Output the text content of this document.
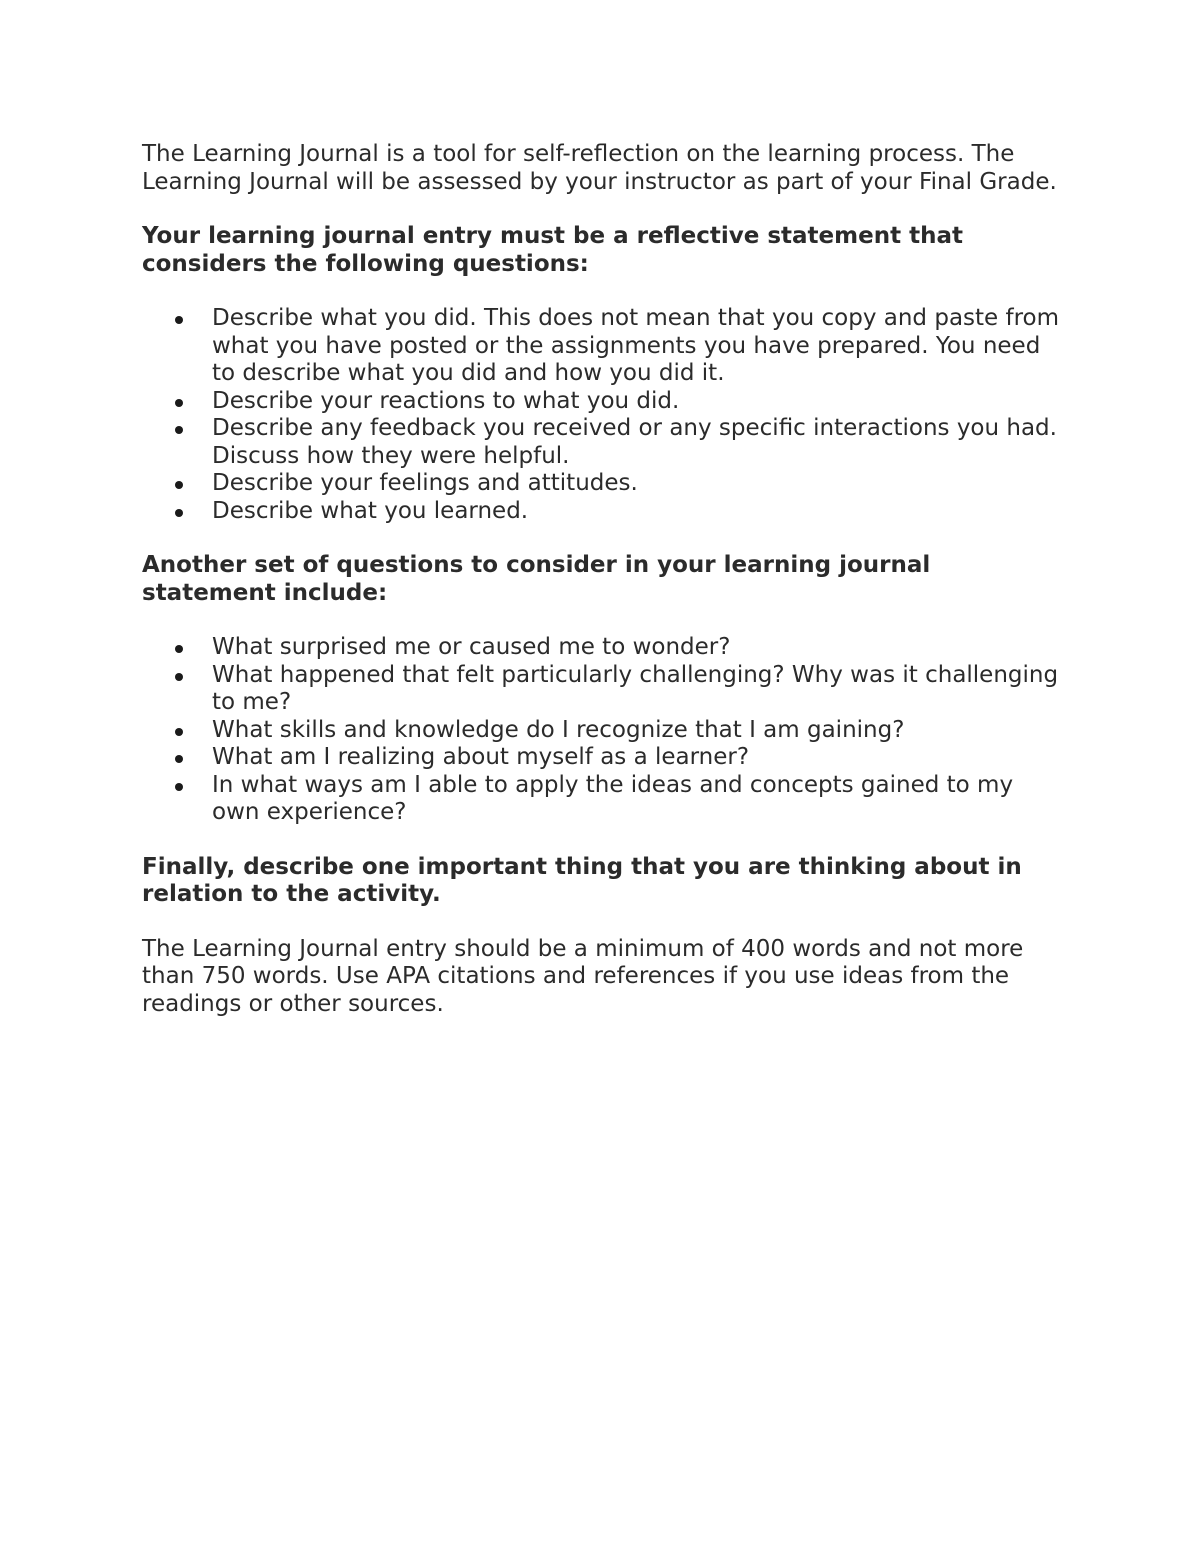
The Learning Journal is a tool for self-reflection on the learning process. The Learning Journal will be assessed by your instructor as part of your Final Grade.

Your learning journal entry must be a reflective statement that considers the following questions:

Describe what you did. This does not mean that you copy and paste from what you have posted or the assignments you have prepared. You need to describe what you did and how you did it.
Describe your reactions to what you did.
Describe any feedback you received or any specific interactions you had. Discuss how they were helpful.
Describe your feelings and attitudes.
Describe what you learned.

Another set of questions to consider in your learning journal statement include:

What surprised me or caused me to wonder?
What happened that felt particularly challenging? Why was it challenging to me?
What skills and knowledge do I recognize that I am gaining?
What am I realizing about myself as a learner?
In what ways am I able to apply the ideas and concepts gained to my own experience?

Finally, describe one important thing that you are thinking about in relation to the activity.

The Learning Journal entry should be a minimum of 400 words and not more than 750 words. Use APA citations and references if you use ideas from the readings or other sources.
